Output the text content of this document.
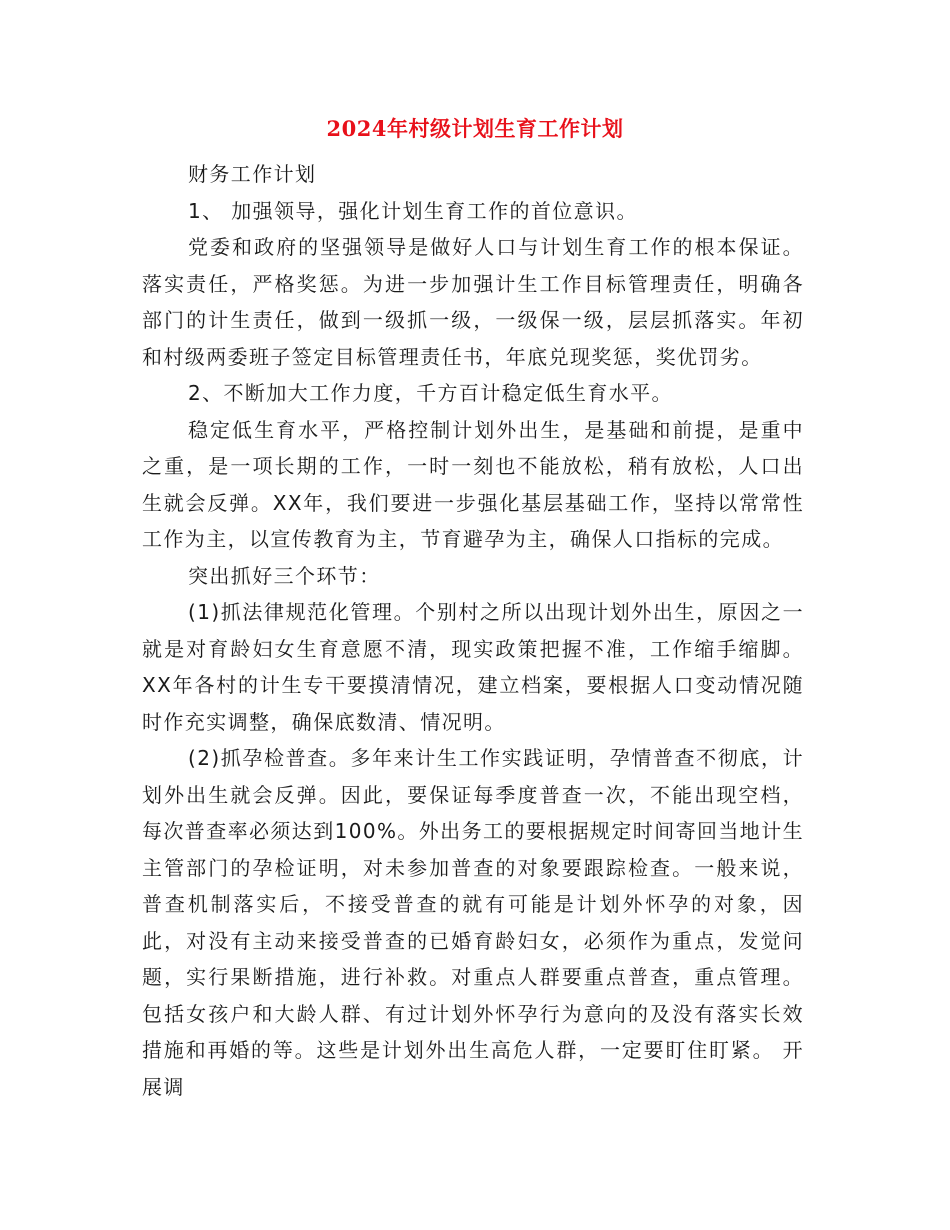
2024年村级计划生育工作计划

财务工作计划

1、 加强领导，强化计划生育工作的首位意识。

党委和政府的坚强领导是做好人口与计划生育工作的根本保证。落实责任，严格奖惩。为进一步加强计生工作目标管理责任，明确各部门的计生责任，做到一级抓一级，一级保一级，层层抓落实。年初和村级两委班子签定目标管理责任书，年底兑现奖惩，奖优罚劣。

2、不断加大工作力度，千方百计稳定低生育水平。

稳定低生育水平，严格控制计划外出生，是基础和前提，是重中之重，是一项长期的工作，一时一刻也不能放松，稍有放松，人口出生就会反弹。XX年，我们要进一步强化基层基础工作，坚持以常常性工作为主，以宣传教育为主，节育避孕为主，确保人口指标的完成。

突出抓好三个环节：

(1)抓法律规范化管理。个别村之所以出现计划外出生，原因之一就是对育龄妇女生育意愿不清，现实政策把握不准，工作缩手缩脚。XX年各村的计生专干要摸清情况，建立档案，要根据人口变动情况随时作充实调整，确保底数清、情况明。

(2)抓孕检普查。多年来计生工作实践证明，孕情普查不彻底，计划外出生就会反弹。因此，要保证每季度普查一次，不能出现空档，每次普查率必须达到100%。外出务工的要根据规定时间寄回当地计生主管部门的孕检证明，对未参加普查的对象要跟踪检查。一般来说，普查机制落实后，不接受普查的就有可能是计划外怀孕的对象，因此，对没有主动来接受普查的已婚育龄妇女，必须作为重点，发觉问题，实行果断措施，进行补救。对重点人群要重点普查，重点管理。包括女孩户和大龄人群、有过计划外怀孕行为意向的及没有落实长效措施和再婚的等。这些是计划外出生高危人群，一定要盯住盯紧。 开展调
